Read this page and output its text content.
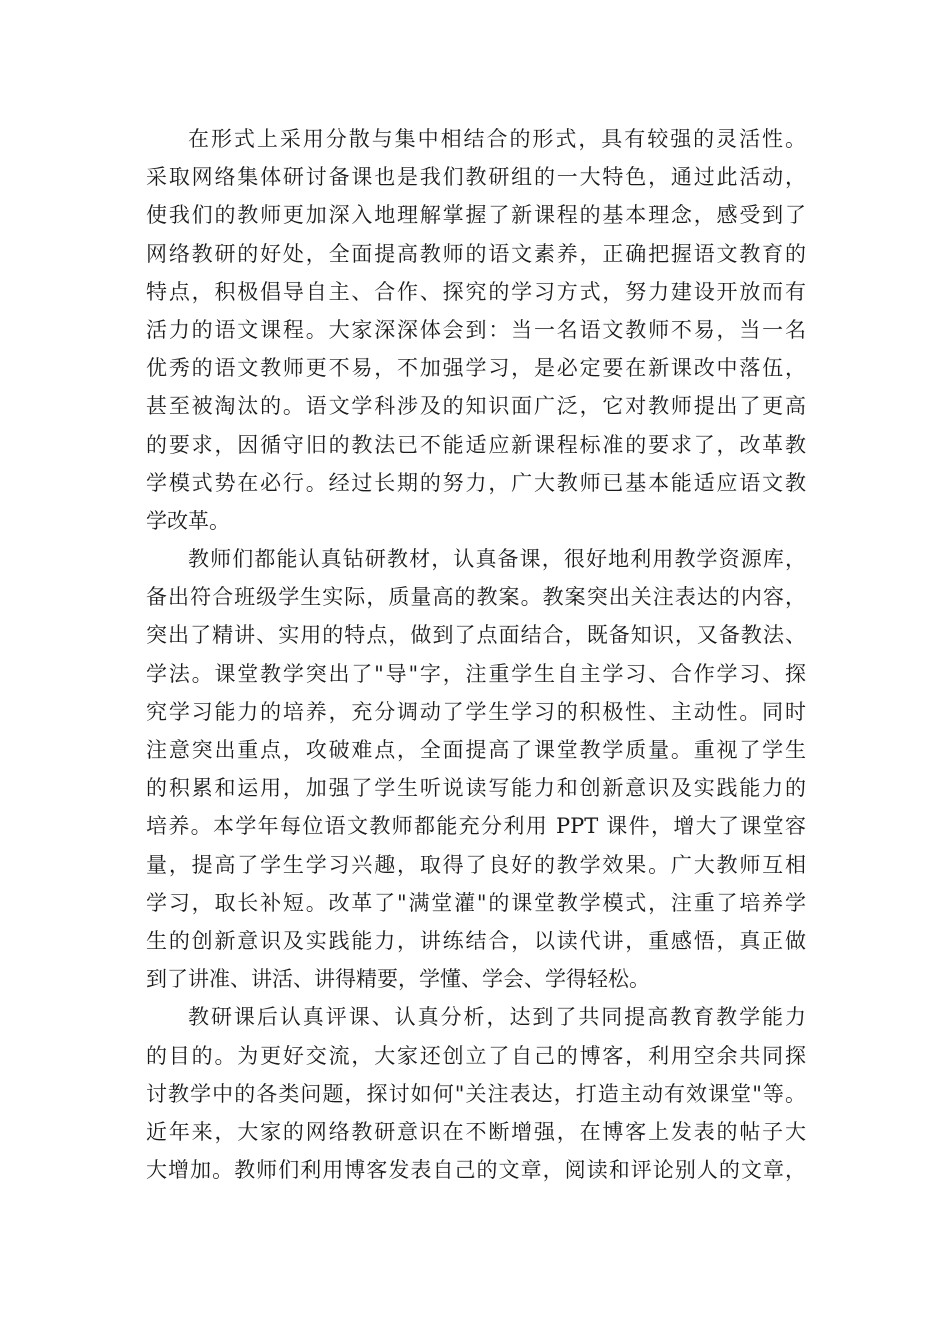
在形式上采用分散与集中相结合的形式，具有较强的灵活性。
采取网络集体研讨备课也是我们教研组的一大特色，通过此活动，
使我们的教师更加深入地理解掌握了新课程的基本理念，感受到了
网络教研的好处，全面提高教师的语文素养，正确把握语文教育的
特点，积极倡导自主、合作、探究的学习方式，努力建设开放而有
活力的语文课程。大家深深体会到：当一名语文教师不易，当一名
优秀的语文教师更不易，不加强学习，是必定要在新课改中落伍，
甚至被淘汰的。语文学科涉及的知识面广泛，它对教师提出了更高
的要求，因循守旧的教法已不能适应新课程标准的要求了，改革教
学模式势在必行。经过长期的努力，广大教师已基本能适应语文教
学改革。
教师们都能认真钻研教材，认真备课，很好地利用教学资源库，
备出符合班级学生实际，质量高的教案。教案突出关注表达的内容，
突出了精讲、实用的特点，做到了点面结合，既备知识，又备教法、
学法。课堂教学突出了"导"字，注重学生自主学习、合作学习、探
究学习能力的培养，充分调动了学生学习的积极性、主动性。同时
注意突出重点，攻破难点，全面提高了课堂教学质量。重视了学生
的积累和运用，加强了学生听说读写能力和创新意识及实践能力的
培养。本学年每位语文教师都能充分利用 PPT 课件，增大了课堂容
量，提高了学生学习兴趣，取得了良好的教学效果。广大教师互相
学习，取长补短。改革了"满堂灌"的课堂教学模式，注重了培养学
生的创新意识及实践能力，讲练结合，以读代讲，重感悟，真正做
到了讲准、讲活、讲得精要，学懂、学会、学得轻松。
教研课后认真评课、认真分析，达到了共同提高教育教学能力
的目的。为更好交流，大家还创立了自己的博客，利用空余共同探
讨教学中的各类问题，探讨如何"关注表达，打造主动有效课堂"等。
近年来，大家的网络教研意识在不断增强，在博客上发表的帖子大
大增加。教师们利用博客发表自己的文章，阅读和评论别人的文章，
